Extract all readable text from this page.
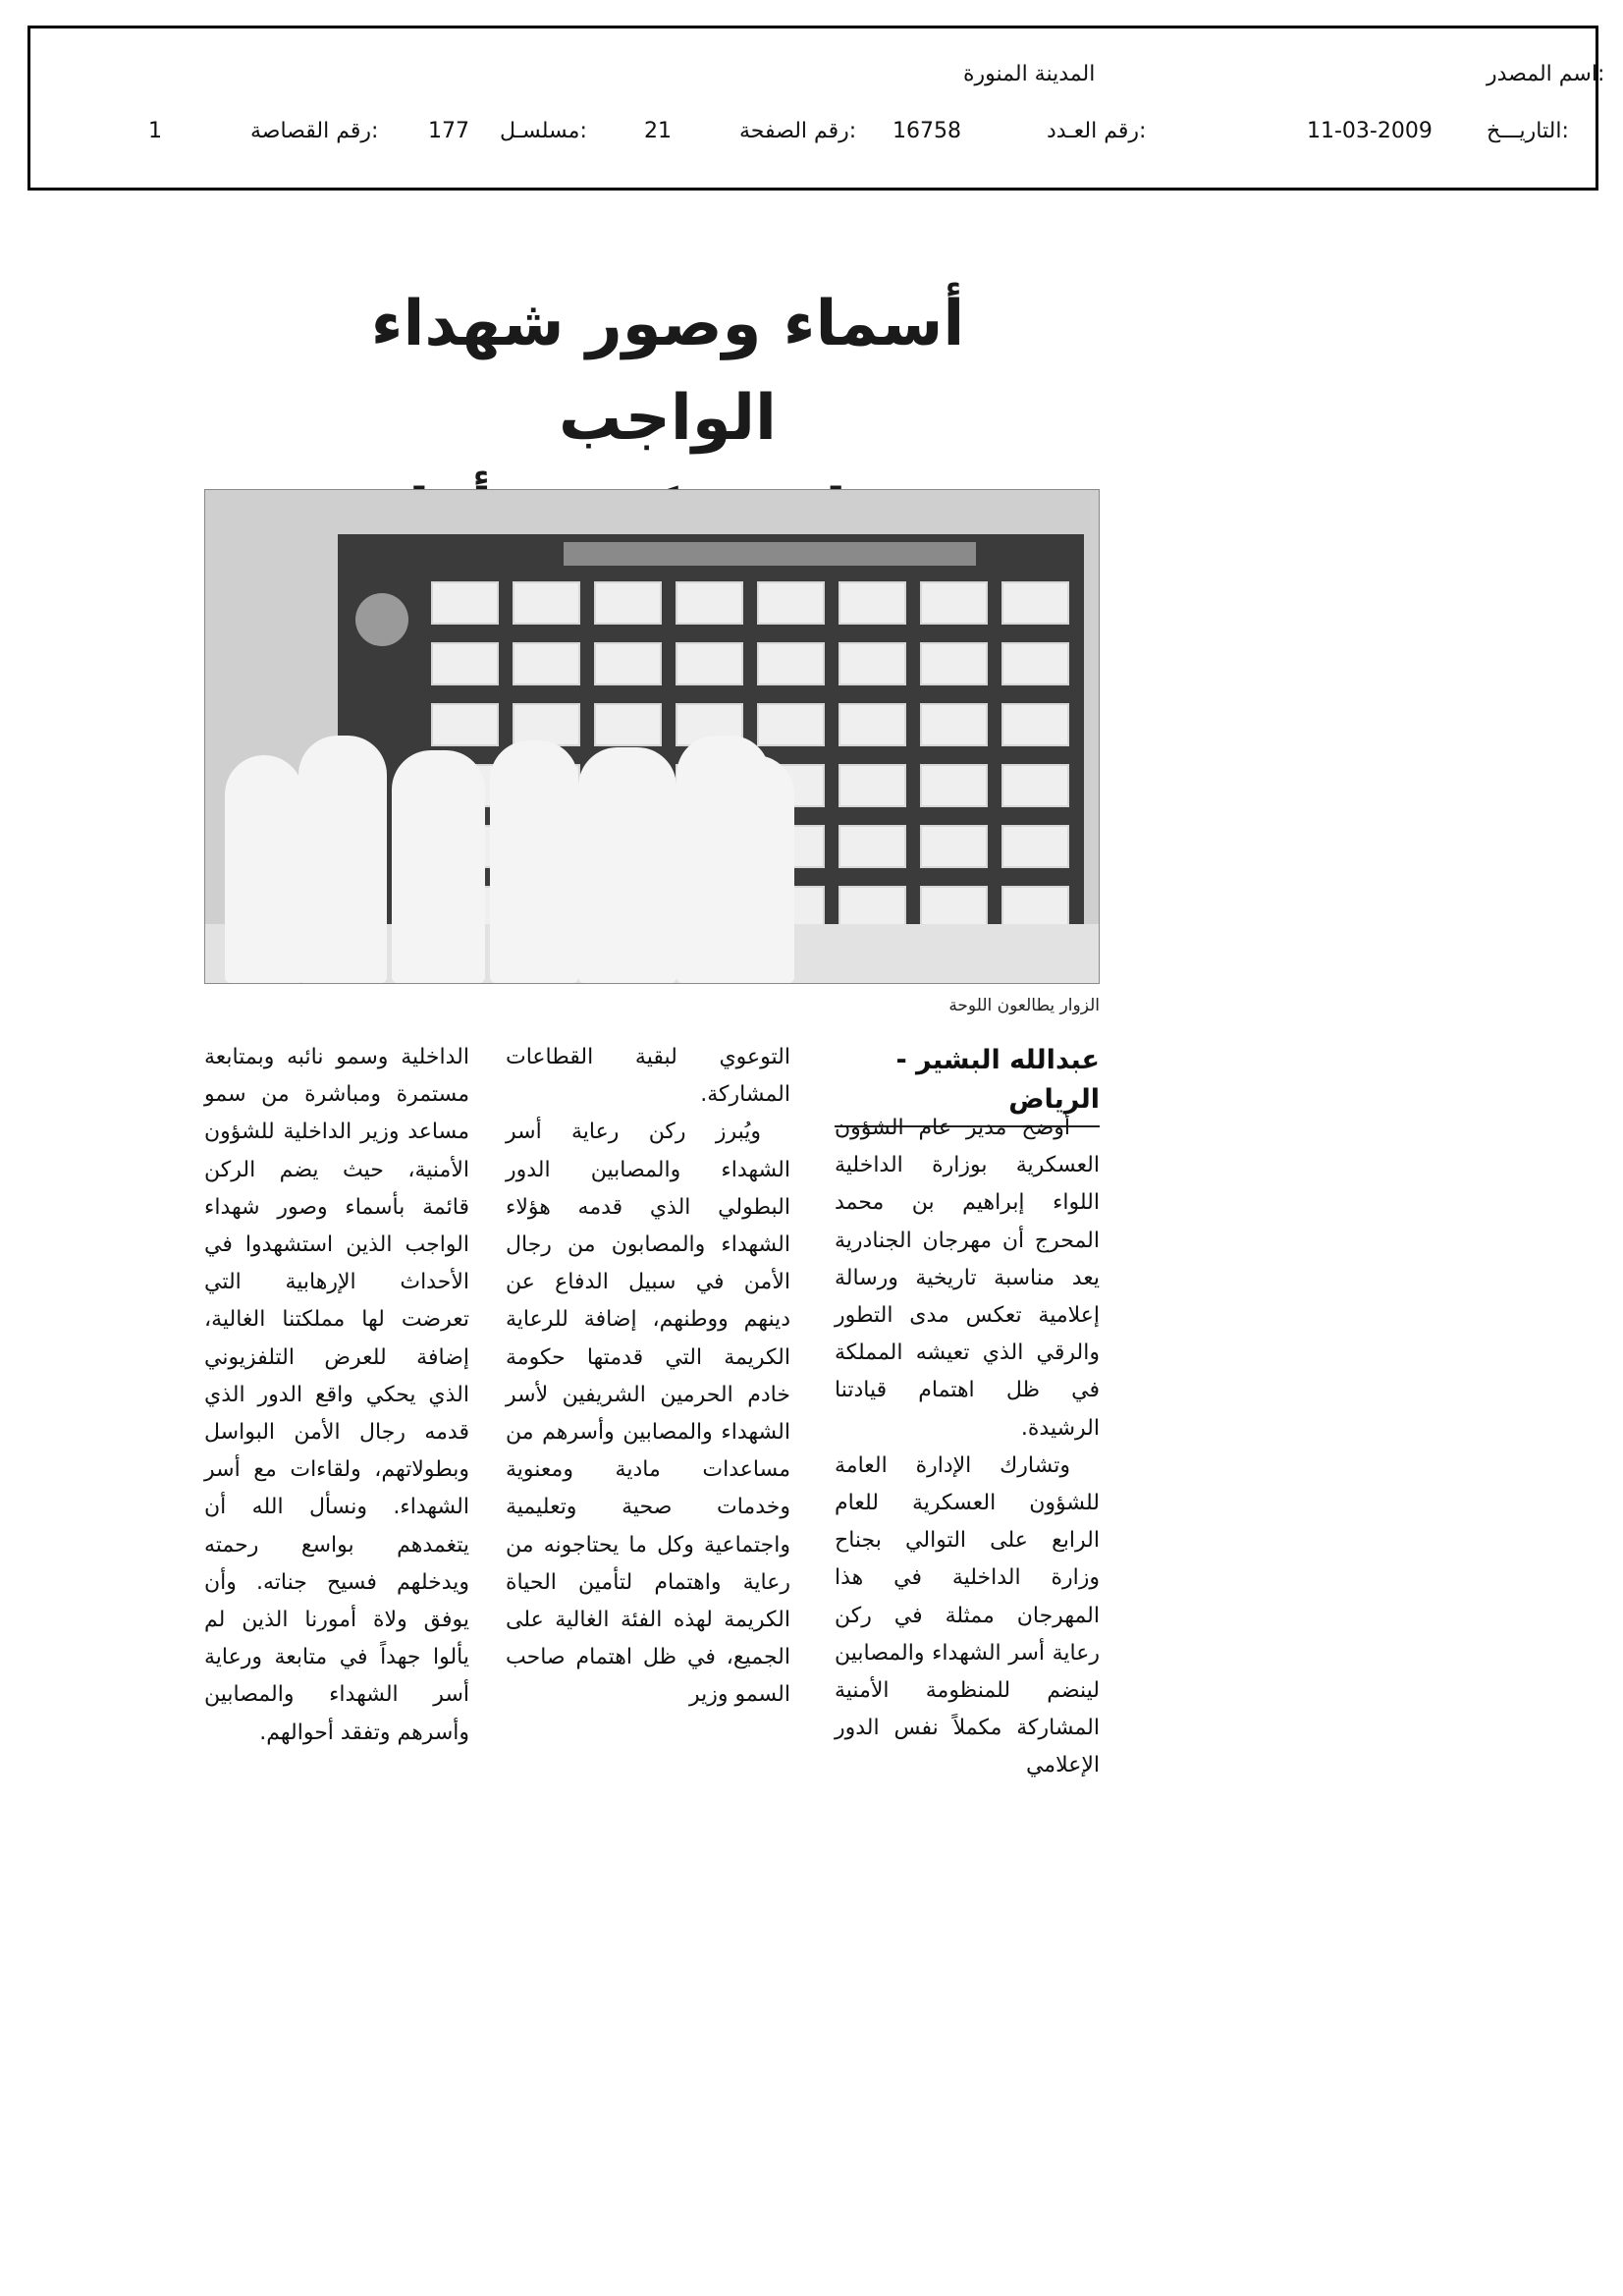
اسم المصدر:
المدينة المنورة
التاريـــخ:
11-03-2009
رقم العـدد:
16758
رقم الصفحة:
21
مسلسـل:
177
رقم القصاصة:
1
أسماء وصور شهداء الواجب
الزوار يطالعون اللوحة
عبدالله البشير - الرياض

أوضح مدير عام الشؤون العسكرية بوزارة الداخلية اللواء إبراهيم بن محمد المحرج أن مهرجان الجنادرية يعد مناسبة تاريخية ورسالة إعلامية تعكس مدى التطور والرقي الذي تعيشه المملكة في ظل اهتمام قيادتنا الرشيدة.

وتشارك الإدارة العامة للشؤون العسكرية للعام الرابع على التوالي بجناح وزارة الداخلية في هذا المهرجان ممثلة في ركن رعاية أسر الشهداء والمصابين لينضم للمنظومة الأمنية المشاركة مكملاً نفس الدور الإعلامي

التوعوي لبقية القطاعات المشاركة.

ويُبرز ركن رعاية أسر الشهداء والمصابين الدور البطولي الذي قدمه هؤلاء الشهداء والمصابون من رجال الأمن في سبيل الدفاع عن دينهم ووطنهم، إضافة للرعاية الكريمة التي قدمتها حكومة خادم الحرمين الشريفين لأسر الشهداء والمصابين وأسرهم من مساعدات مادية ومعنوية وخدمات صحية وتعليمية واجتماعية وكل ما يحتاجونه من رعاية واهتمام لتأمين الحياة الكريمة لهذه الفئة الغالية على الجميع، في ظل اهتمام صاحب السمو وزير

الداخلية وسمو نائبه وبمتابعة مستمرة ومباشرة من سمو مساعد وزير الداخلية للشؤون الأمنية، حيث يضم الركن قائمة بأسماء وصور شهداء الواجب الذين استشهدوا في الأحداث الإرهابية التي تعرضت لها مملكتنا الغالية، إضافة للعرض التلفزيوني الذي يحكي واقع الدور الذي قدمه رجال الأمن البواسل وبطولاتهم، ولقاءات مع أسر الشهداء. ونسأل الله أن يتغمدهم بواسع رحمته ويدخلهم فسيح جناته. وأن يوفق ولاة أمورنا الذين لم يألوا جهداً في متابعة ورعاية أسر الشهداء والمصابين وأسرهم وتفقد أحوالهم.
